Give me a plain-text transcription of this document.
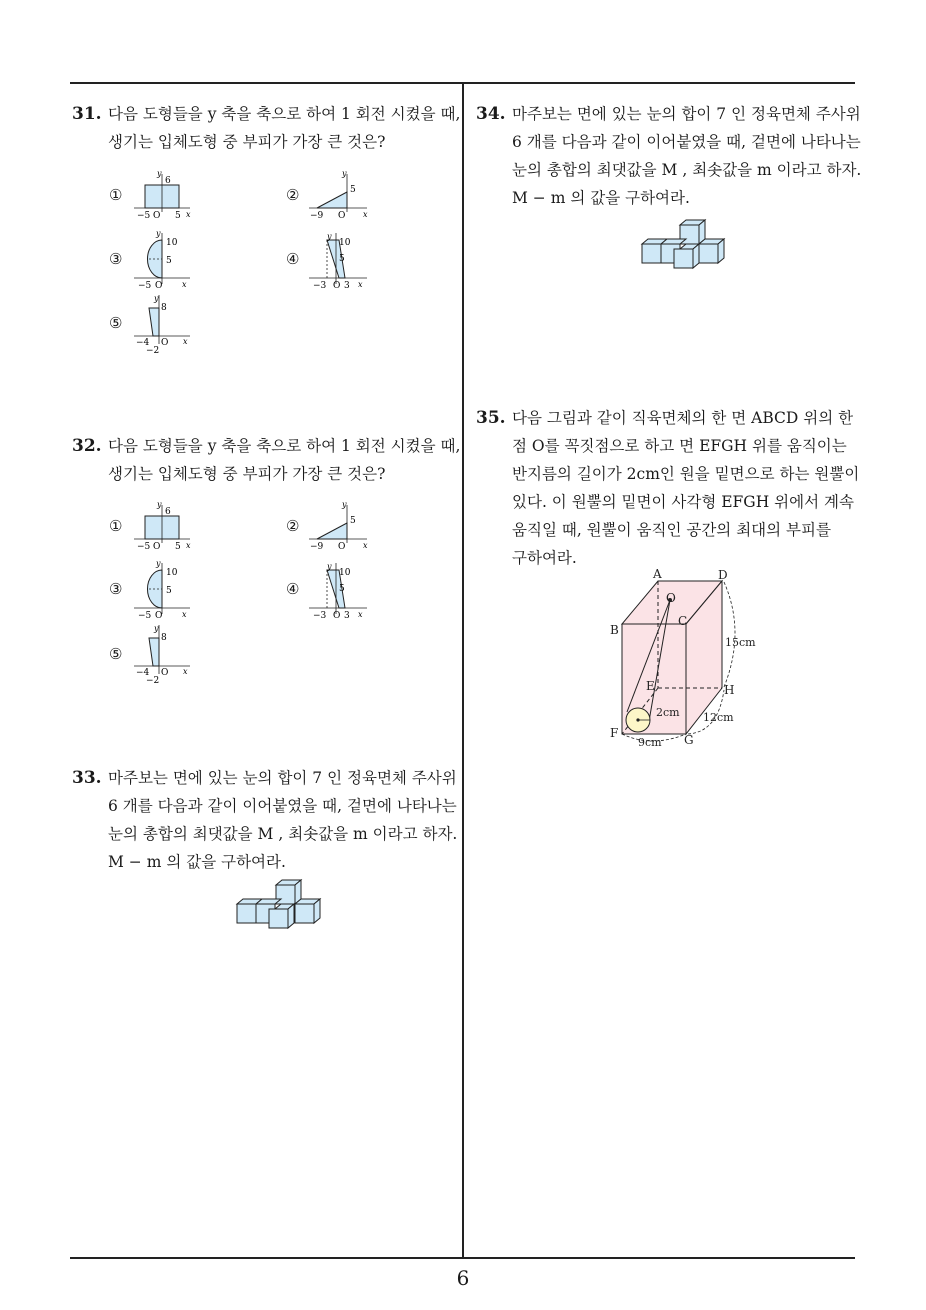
31. 다음 도형들을 y 축을 축으로 하여 1 회전 시켰을 때,
생기는 입체도형 중 부피가 가장 큰 것은?
①
y
6
−5 O 5 x
②
y
5
−9 O x
③
y
10
5
−5 O x
④
y
10
5
−3 O 3 x
⑤
y
8
−4 O
−2
x
32. 다음 도형들을 y 축을 축으로 하여 1 회전 시켰을 때,
생기는 입체도형 중 부피가 가장 큰 것은?
①
y
6
−5 O 5 x
②
y
5
−9 O x
③
y
10
5
−5 O x
④
y
10
5
−3 O 3 x
⑤
y
8
−4 O
−2
x
33. 마주보는 면에 있는 눈의 합이 7 인 정육면체 주사위
6 개를 다음과 같이 이어붙였을 때, 겉면에 나타나는
눈의 총합의 최댓값을 M , 최솟값을 m 이라고 하자.
M − m 의 값을 구하여라.
34. 마주보는 면에 있는 눈의 합이 7 인 정육면체 주사위
6 개를 다음과 같이 이어붙였을 때, 겉면에 나타나는
눈의 총합의 최댓값을 M , 최솟값을 m 이라고 하자.
M − m 의 값을 구하여라.
35. 다음 그림과 같이 직육면체의 한 면 ABCD 위의 한
점 O를 꼭짓점으로 하고 면 EFGH 위를 움직이는
반지름의 길이가 2cm인 원을 밑면으로 하는 원뿔이
있다. 이 원뿔의 밑면이 사각형 EFGH 위에서 계속
움직일 때, 원뿔이 움직인 공간의 최대의 부피를
구하여라.
A	D
B
C
O
E	H
F	G
15cm
2cm 12cm
9cm
6
